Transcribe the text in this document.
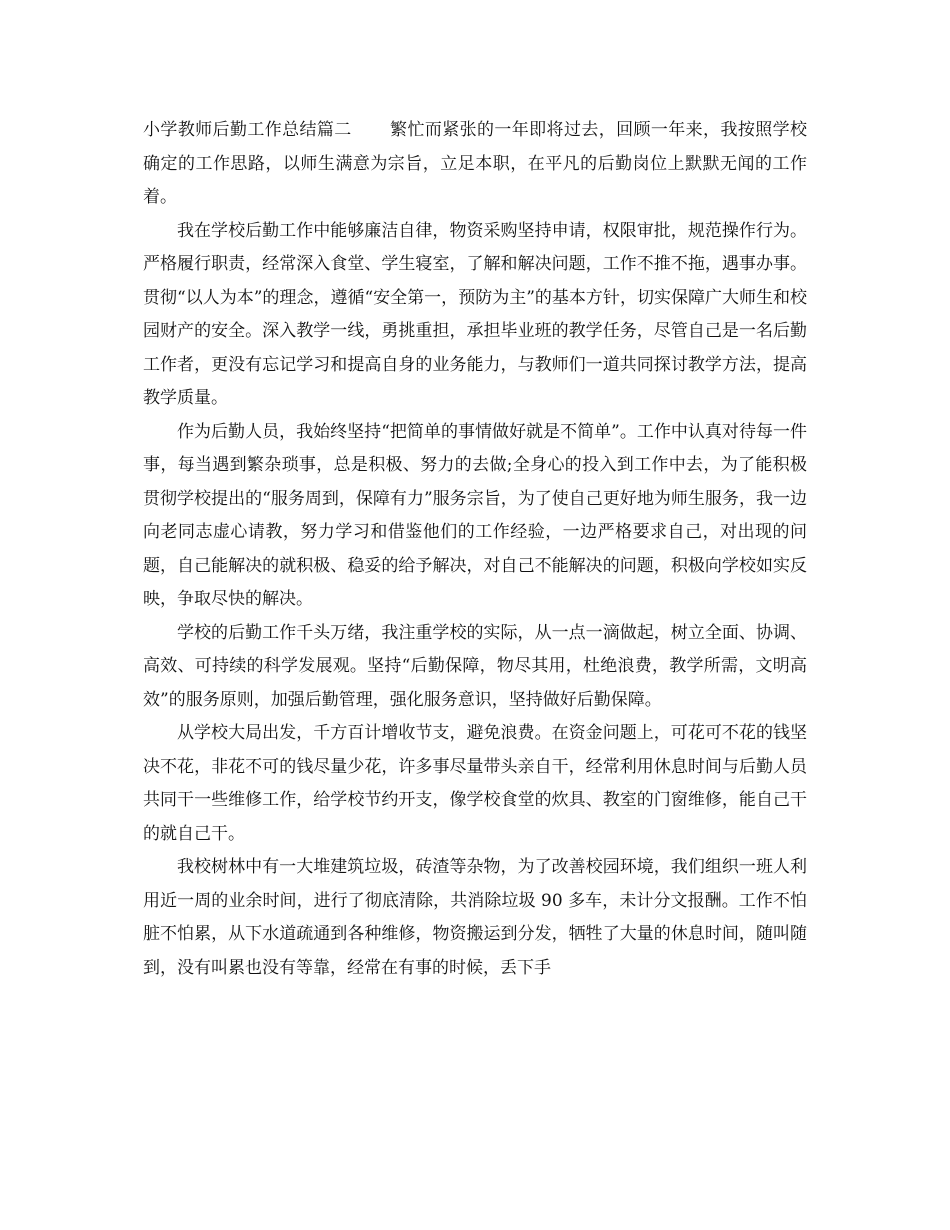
小学教师后勤工作总结篇二 繁忙而紧张的一年即将过去，回顾一年来，我按照学校确定的工作思路，以师生满意为宗旨，立足本职，在平凡的后勤岗位上默默无闻的工作着。

我在学校后勤工作中能够廉洁自律，物资采购坚持申请，权限审批，规范操作行为。严格履行职责，经常深入食堂、学生寝室，了解和解决问题，工作不推不拖，遇事办事。贯彻“以人为本”的理念，遵循“安全第一，预防为主”的基本方针，切实保障广大师生和校园财产的安全。深入教学一线，勇挑重担，承担毕业班的教学任务，尽管自己是一名后勤工作者，更没有忘记学习和提高自身的业务能力，与教师们一道共同探讨教学方法，提高教学质量。

作为后勤人员，我始终坚持“把简单的事情做好就是不简单”。工作中认真对待每一件事，每当遇到繁杂琐事，总是积极、努力的去做;全身心的投入到工作中去，为了能积极贯彻学校提出的“服务周到，保障有力”服务宗旨，为了使自己更好地为师生服务，我一边向老同志虚心请教，努力学习和借鉴他们的工作经验，一边严格要求自己，对出现的问题，自己能解决的就积极、稳妥的给予解决，对自己不能解决的问题，积极向学校如实反映，争取尽快的解决。

学校的后勤工作千头万绪，我注重学校的实际，从一点一滴做起，树立全面、协调、高效、可持续的科学发展观。坚持“后勤保障，物尽其用，杜绝浪费，教学所需，文明高效”的服务原则，加强后勤管理，强化服务意识，坚持做好后勤保障。

从学校大局出发，千方百计增收节支，避免浪费。在资金问题上，可花可不花的钱坚决不花，非花不可的钱尽量少花，许多事尽量带头亲自干，经常利用休息时间与后勤人员共同干一些维修工作，给学校节约开支，像学校食堂的炊具、教室的门窗维修，能自己干的就自己干。

我校树林中有一大堆建筑垃圾，砖渣等杂物，为了改善校园环境，我们组织一班人利用近一周的业余时间，进行了彻底清除，共消除垃圾 90 多车，未计分文报酬。工作不怕脏不怕累，从下水道疏通到各种维修，物资搬运到分发，牺牲了大量的休息时间，随叫随到，没有叫累也没有等靠，经常在有事的时候，丢下手
